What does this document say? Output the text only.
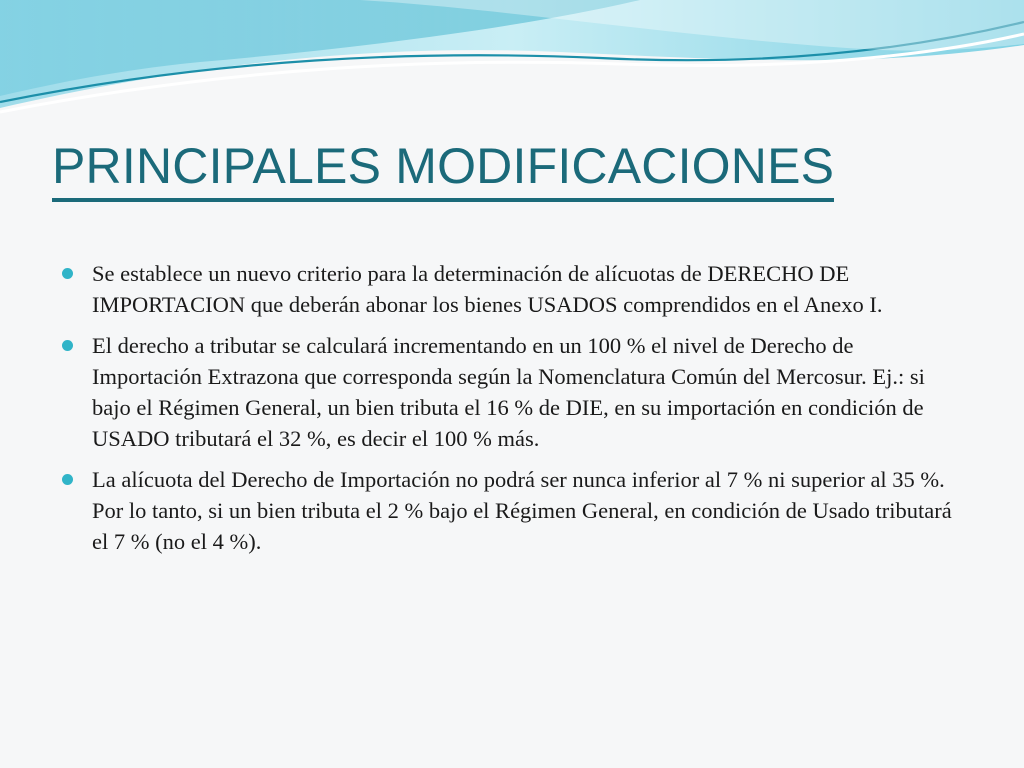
PRINCIPALES MODIFICACIONES
Se establece un nuevo criterio para la determinación de alícuotas de DERECHO DE IMPORTACION que deberán abonar los bienes USADOS comprendidos en el Anexo I.
El derecho a tributar se calculará incrementando en un 100 % el nivel de Derecho de Importación Extrazona que corresponda según la Nomenclatura Común del Mercosur. Ej.: si bajo el Régimen General, un bien tributa el 16 % de DIE, en su importación en condición de USADO tributará el 32 %, es decir el 100 % más.
La alícuota del Derecho de Importación no podrá ser nunca inferior al 7 % ni superior al 35 %. Por lo tanto, si un bien tributa el 2 % bajo el Régimen General, en condición de Usado tributará el 7 % (no el 4 %).
